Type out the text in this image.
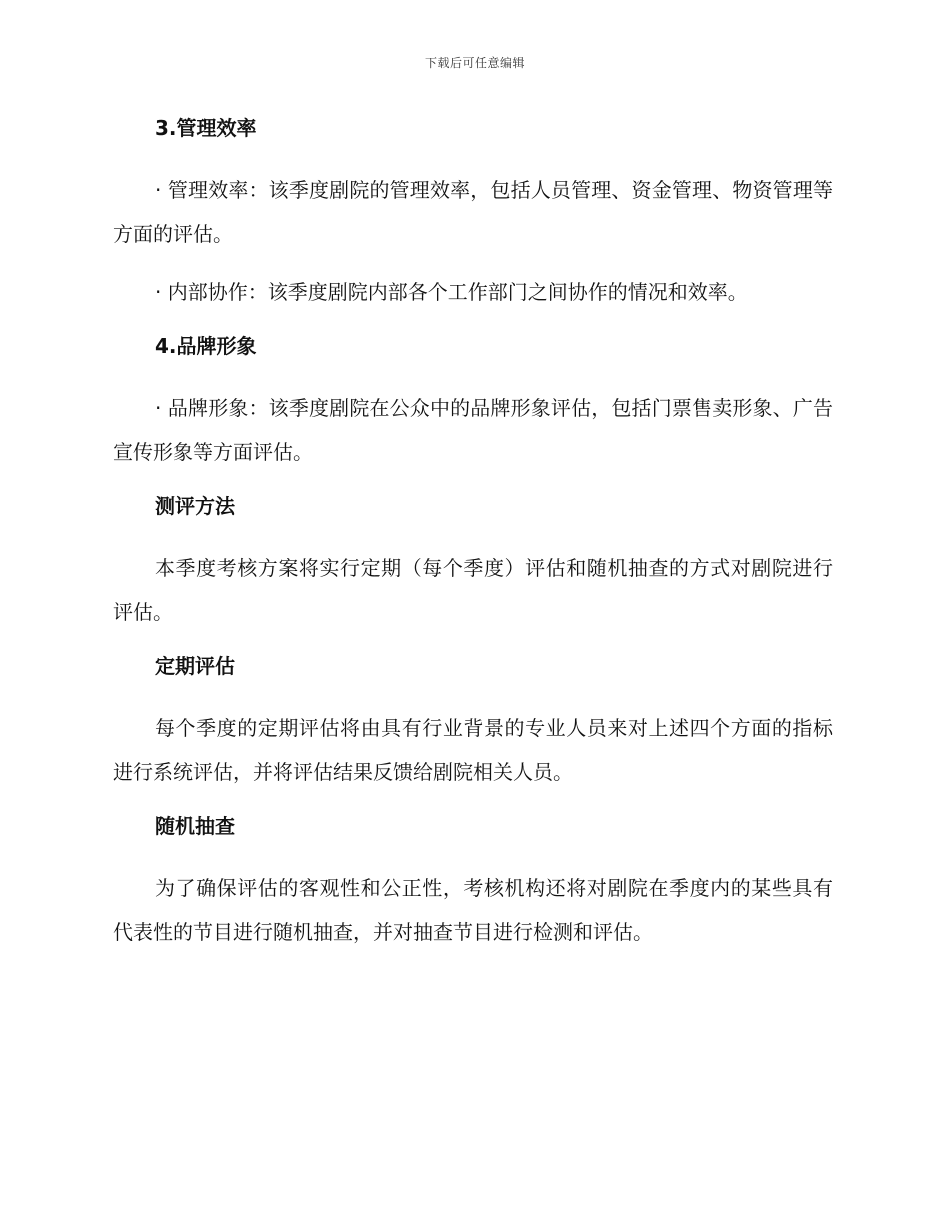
下载后可任意编辑
3.管理效率
· 管理效率：该季度剧院的管理效率，包括人员管理、资金管理、物资管理等方面的评估。
· 内部协作：该季度剧院内部各个工作部门之间协作的情况和效率。
4.品牌形象
· 品牌形象：该季度剧院在公众中的品牌形象评估，包括门票售卖形象、广告宣传形象等方面评估。
测评方法
本季度考核方案将实行定期（每个季度）评估和随机抽查的方式对剧院进行评估。
定期评估
每个季度的定期评估将由具有行业背景的专业人员来对上述四个方面的指标进行系统评估，并将评估结果反馈给剧院相关人员。
随机抽查
为了确保评估的客观性和公正性，考核机构还将对剧院在季度内的某些具有代表性的节目进行随机抽查，并对抽查节目进行检测和评估。
